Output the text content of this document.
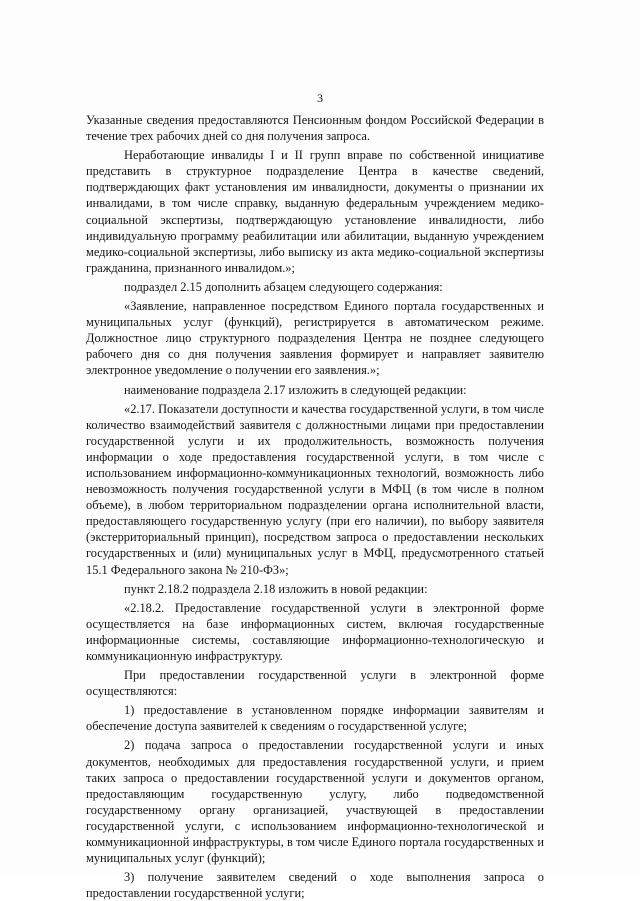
3

Указанные сведения предоставляются Пенсионным фондом Российской Федерации в течение трех рабочих дней со дня получения запроса.

Неработающие инвалиды I и II групп вправе по собственной инициативе представить в структурное подразделение Центра в качестве сведений, подтверждающих факт установления им инвалидности, документы о признании их инвалидами, в том числе справку, выданную федеральным учреждением медико-социальной экспертизы, подтверждающую установление инвалидности, либо индивидуальную программу реабилитации или абилитации, выданную учреждением медико-социальной экспертизы, либо выписку из акта медико-социальной экспертизы гражданина, признанного инвалидом.»;

подраздел 2.15 дополнить абзацем следующего содержания:

«Заявление, направленное посредством Единого портала государственных и муниципальных услуг (функций), регистрируется в автоматическом режиме. Должностное лицо структурного подразделения Центра не позднее следующего рабочего дня со дня получения заявления формирует и направляет заявителю электронное уведомление о получении его заявления.»;

наименование подраздела 2.17 изложить в следующей редакции:

«2.17. Показатели доступности и качества государственной услуги, в том числе количество взаимодействий заявителя с должностными лицами при предоставлении государственной услуги и их продолжительность, возможность получения информации о ходе предоставления государственной услуги, в том числе с использованием информационно-коммуникационных технологий, возможность либо невозможность получения государственной услуги в МФЦ (в том числе в полном объеме), в любом территориальном подразделении органа исполнительной власти, предоставляющего государственную услугу (при его наличии), по выбору заявителя (экстерриториальный принцип), посредством запроса о предоставлении нескольких государственных и (или) муниципальных услуг в МФЦ, предусмотренного статьей 15.1 Федерального закона № 210-ФЗ»;

пункт 2.18.2 подраздела 2.18 изложить в новой редакции:

«2.18.2. Предоставление государственной услуги в электронной форме осуществляется на базе информационных систем, включая государственные информационные системы, составляющие информационно-технологическую и коммуникационную инфраструктуру.

При предоставлении государственной услуги в электронной форме осуществляются:

1) предоставление в установленном порядке информации заявителям и обеспечение доступа заявителей к сведениям о государственной услуге;

2) подача запроса о предоставлении государственной услуги и иных документов, необходимых для предоставления государственной услуги, и прием таких запроса о предоставлении государственной услуги и документов органом, предоставляющим государственную услугу, либо подведомственной государственному органу организацией, участвующей в предоставлении государственной услуги, с использованием информационно-технологической и коммуникационной инфраструктуры, в том числе Единого портала государственных и муниципальных услуг (функций);

3) получение заявителем сведений о ходе выполнения запроса о предоставлении государственной услуги;
